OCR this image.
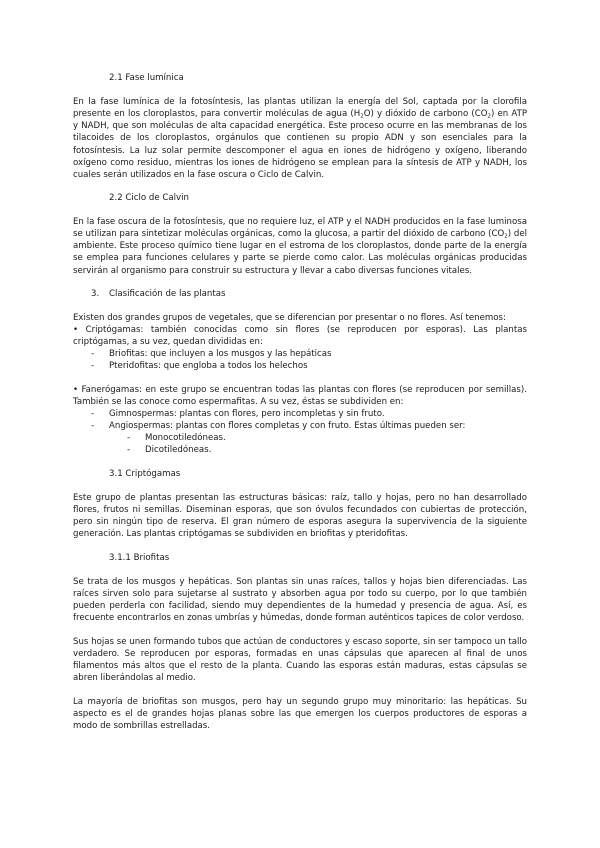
2.1 Fase lumínica
En la fase lumínica de la fotosíntesis, las plantas utilizan la energía del Sol, captada por la clorofila presente en los cloroplastos, para convertir moléculas de agua $(H_2O)$ y dióxido de carbono $(CO_2)$ en ATP y NADH, que son moléculas de alta capacidad energética. Este proceso ocurre en las membranas de los tilacoides de los cloroplastos, orgánulos que contienen su propio ADN y son esenciales para la fotosíntesis. La luz solar permite descomponer el agua en iones de hidrógeno y oxígeno, liberando oxígeno como residuo, mientras los iones de hidrógeno se emplean para la síntesis de ATP y NADH, los cuales serán utilizados en la fase oscura o Ciclo de Calvin.
2.2 Ciclo de Calvin
En la fase oscura de la fotosíntesis, que no requiere luz, el ATP y el NADH producidos en la fase luminosa se utilizan para sintetizar moléculas orgánicas, como la glucosa, a partir del dióxido de carbono $(CO_2)$ del ambiente. Este proceso químico tiene lugar en el estroma de los cloroplastos, donde parte de la energía se emplea para funciones celulares y parte se pierde como calor. Las moléculas orgánicas producidas servirán al organismo para construir su estructura y llevar a cabo diversas funciones vitales.
3. Clasificación de las plantas
Existen dos grandes grupos de vegetales, que se diferencian por presentar o no flores. Así tenemos:
• Criptógamas: también conocidas como sin flores (se reproducen por esporas). Las plantas criptógamas, a su vez, quedan divididas en:
- Briofitas: que incluyen a los musgos y las hepáticas
- Pteridofitas: que engloba a todos los helechos
• Fanerógamas: en este grupo se encuentran todas las plantas con flores (se reproducen por semillas). También se las conoce como espermafitas. A su vez, éstas se subdividen en:
- Gimnospermas: plantas con flores, pero incompletas y sin fruto.
- Angiospermas: plantas con flores completas y con fruto. Estas últimas pueden ser:
- Monocotiledóneas.
- Dicotiledóneas.
3.1 Criptógamas
Este grupo de plantas presentan las estructuras básicas: raíz, tallo y hojas, pero no han desarrollado flores, frutos ni semillas. Diseminan esporas, que son óvulos fecundados con cubiertas de protección, pero sin ningún tipo de reserva. El gran número de esporas asegura la supervivencia de la siguiente generación. Las plantas criptógamas se subdividen en briofitas y pteridofitas.
3.1.1 Briofitas
Se trata de los musgos y hepáticas. Son plantas sin unas raíces, tallos y hojas bien diferenciadas. Las raíces sirven solo para sujetarse al sustrato y absorben agua por todo su cuerpo, por lo que también pueden perderla con facilidad, siendo muy dependientes de la humedad y presencia de agua. Así, es frecuente encontrarlos en zonas umbrías y húmedas, donde forman auténticos tapices de color verdoso.
Sus hojas se unen formando tubos que actúan de conductores y escaso soporte, sin ser tampoco un tallo verdadero. Se reproducen por esporas, formadas en unas cápsulas que aparecen al final de unos filamentos más altos que el resto de la planta. Cuando las esporas están maduras, estas cápsulas se abren liberándolas al medio.
La mayoría de briofitas son musgos, pero hay un segundo grupo muy minoritario: las hepáticas. Su aspecto es el de grandes hojas planas sobre las que emergen los cuerpos productores de esporas a modo de sombrillas estrelladas.
